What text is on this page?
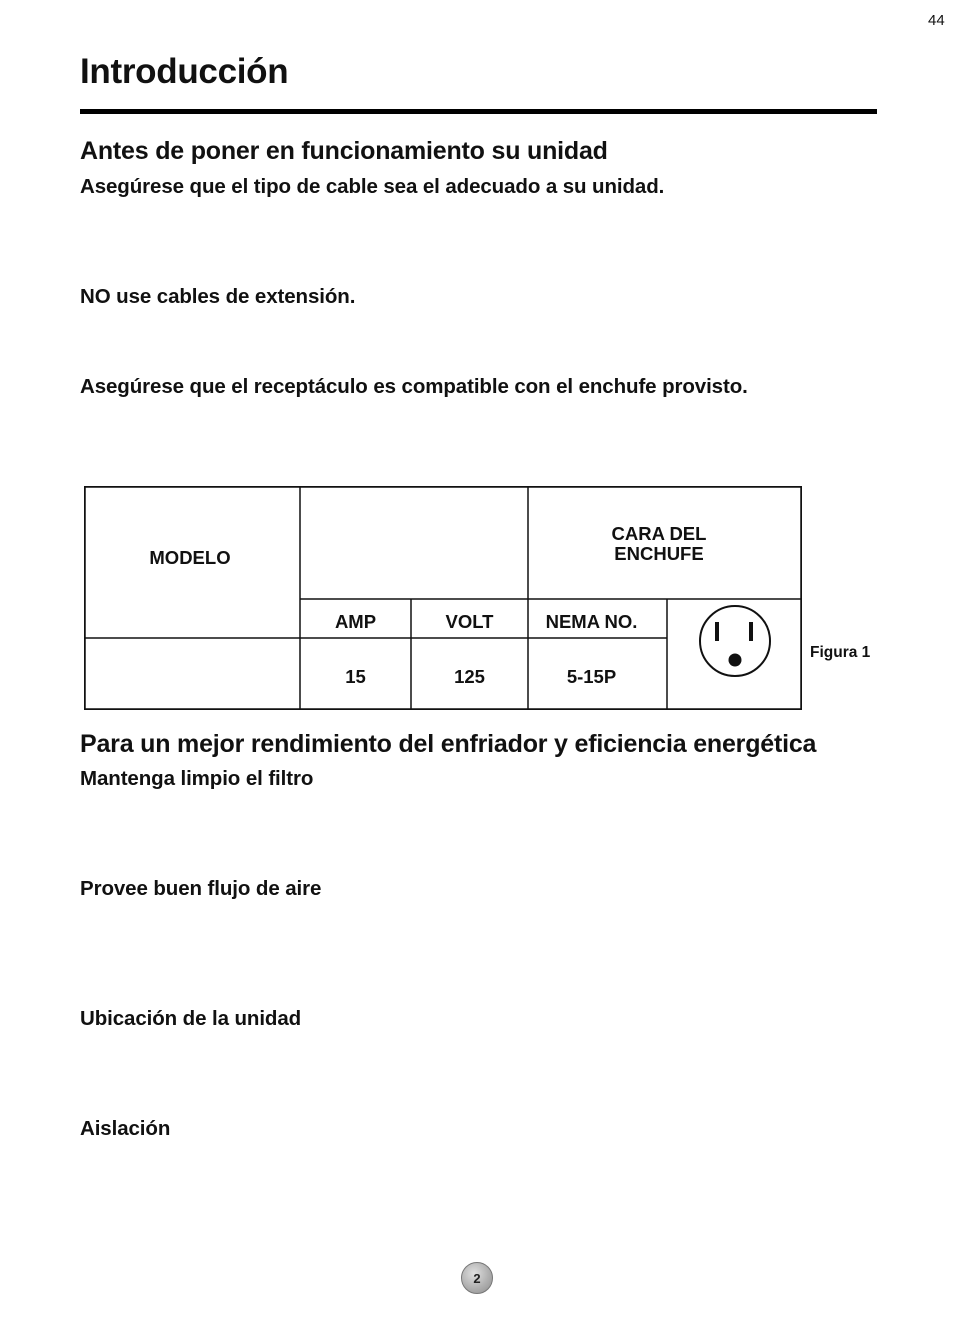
44
Introducción
Antes de poner en funcionamiento su unidad
Asegúrese que el tipo de cable sea el adecuado a su unidad.
NO use cables de extensión.
Asegúrese que el receptáculo es compatible con el enchufe provisto.
MODELO
CARA DEL
ENCHUFE
AMP	VOLT	NEMA NO.
15	125	5-15P
Figura 1
Para un mejor rendimiento del enfriador y eficiencia energética
Mantenga limpio el filtro
Provee buen flujo de aire
Ubicación de la unidad
Aislación
2
